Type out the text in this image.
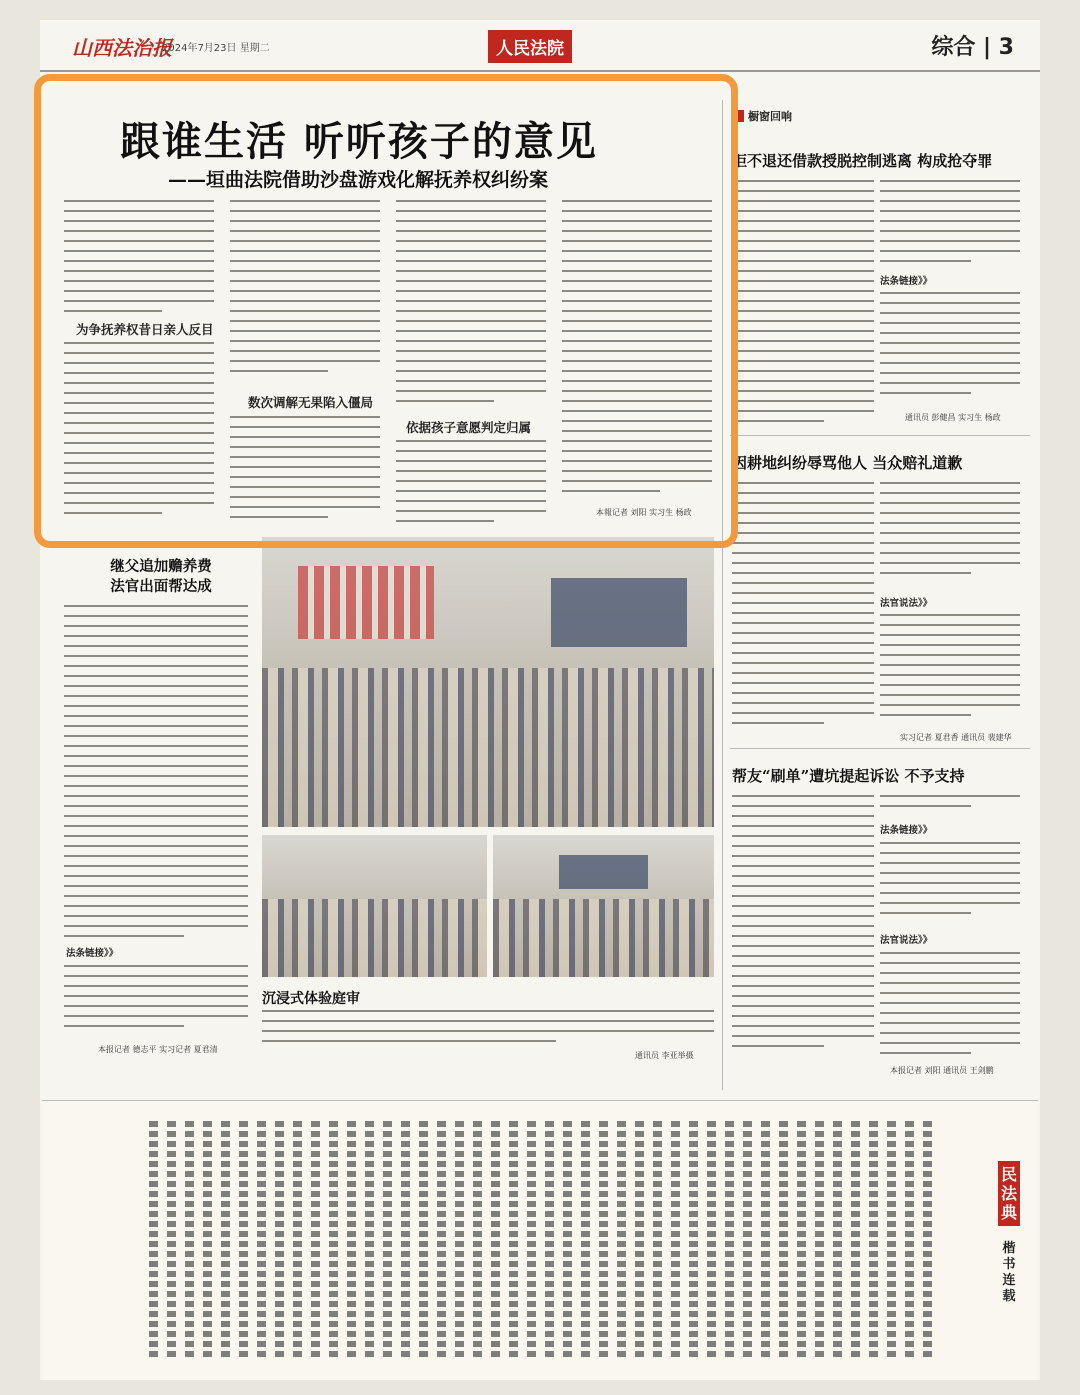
山西法治报
2024年7月23日 星期二	人民法院	综合 | 3
跟谁生活 听听孩子的意见
——垣曲法院借助沙盘游戏化解抚养权纠纷案
为争抚养权昔日亲人反目
数次调解无果陷入僵局
依据孩子意愿判定归属
本報记者 刘阳 实习生 杨政
橱窗回响
拒不退还借款授脱控制逃离 构成抢夺罪
法条链接》》
通讯员 彭健昌 实习生 杨政
因耕地纠纷辱骂他人 当众赔礼道歉
法官说法》》
实习记者 夏君香 通讯员 裴建华
帮友“刷单”遭坑提起诉讼 不予支持
法条链接》》
法官说法》》
本报记者 刘阳 通讯员 王剑鹏
继父追加赡养费
法官出面帮达成
法条链接》》
本报记者 德志平 实习记者 夏君清
沉浸式体验庭审
通讯员 李亚举摄
民法典
楷书连载
